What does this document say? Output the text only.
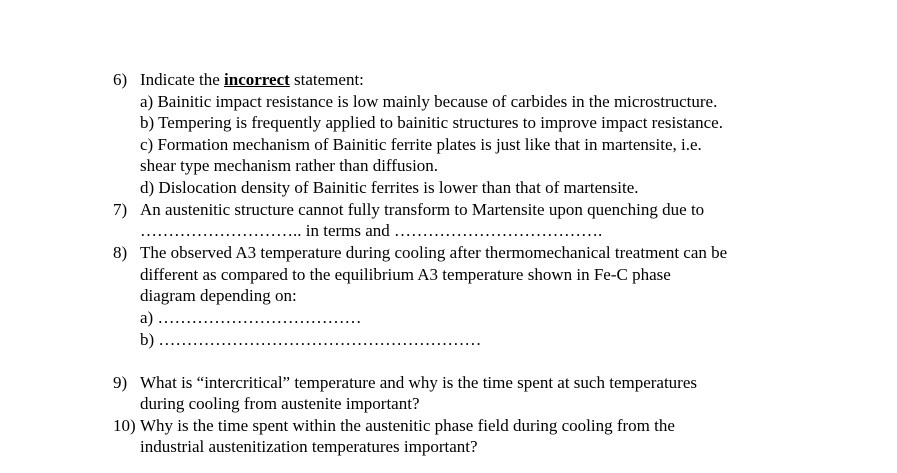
6) Indicate the incorrect statement:
a) Bainitic impact resistance is low mainly because of carbides in the microstructure.
b) Tempering is frequently applied to bainitic structures to improve impact resistance.
c) Formation mechanism of Bainitic ferrite plates is just like that in martensite, i.e.
shear type mechanism rather than diffusion.
d) Dislocation density of Bainitic ferrites is lower than that of martensite.
7) An austenitic structure cannot fully transform to Martensite upon quenching due to
……………………….. in terms and ……………………………….
8) The observed A3 temperature during cooling after thermomechanical treatment can be
different as compared to the equilibrium A3 temperature shown in Fe-C phase
diagram depending on:
a) ………………………………
b) …………………………………………………
9) What is “intercritical” temperature and why is the time spent at such temperatures
during cooling from austenite important?
10) Why is the time spent within the austenitic phase field during cooling from the
industrial austenitization temperatures important?
